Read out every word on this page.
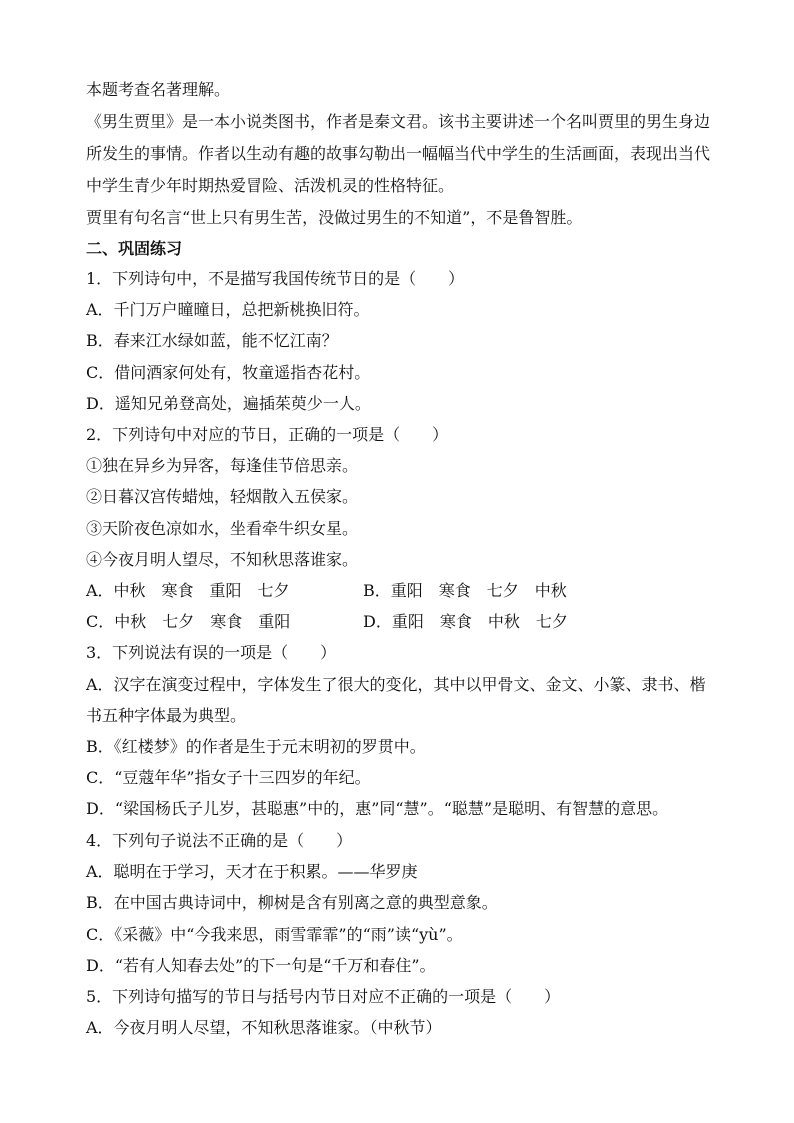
本题考查名著理解。
《男生贾里》是一本小说类图书，作者是秦文君。该书主要讲述一个名叫贾里的男生身边
所发生的事情。作者以生动有趣的故事勾勒出一幅幅当代中学生的生活画面，表现出当代
中学生青少年时期热爱冒险、活泼机灵的性格特征。
贾里有句名言“世上只有男生苦，没做过男生的不知道”，不是鲁智胜。
二、巩固练习
1．下列诗句中，不是描写我国传统节日的是（　　）
A．千门万户曈曈日，总把新桃换旧符。
B．春来江水绿如蓝，能不忆江南？
C．借问酒家何处有，牧童遥指杏花村。
D．遥知兄弟登高处，遍插茱萸少一人。
2．下列诗句中对应的节日，正确的一项是（　　）
①独在异乡为异客，每逢佳节倍思亲。
②日暮汉宫传蜡烛，轻烟散入五侯家。
③天阶夜色凉如水，坐看牵牛织女星。
④今夜月明人望尽，不知秋思落谁家。
A．中秋　寒食　重阳　七夕	B．重阳　寒食　七夕　中秋
C．中秋　七夕　寒食　重阳	D．重阳　寒食　中秋　七夕
3．下列说法有误的一项是（　　）
A．汉字在演变过程中，字体发生了很大的变化，其中以甲骨文、金文、小篆、隶书、楷
书五种字体最为典型。
B．《红楼梦》的作者是生于元末明初的罗贯中。
C．“豆蔻年华”指女子十三四岁的年纪。
D．“梁国杨氏子儿岁，甚聪惠”中的，惠”同“慧”。“聪慧”是聪明、有智慧的意思。
4．下列句子说法不正确的是（　　）
A．聪明在于学习，天才在于积累。——华罗庚
B．在中国古典诗词中，柳树是含有别离之意的典型意象。
C．《采薇》中“今我来思，雨雪霏霏”的“雨”读“yù”。
D．“若有人知春去处”的下一句是“千万和春住”。
5．下列诗句描写的节日与括号内节日对应不正确的一项是（　　）
A．今夜月明人尽望，不知秋思落谁家。（中秋节）
